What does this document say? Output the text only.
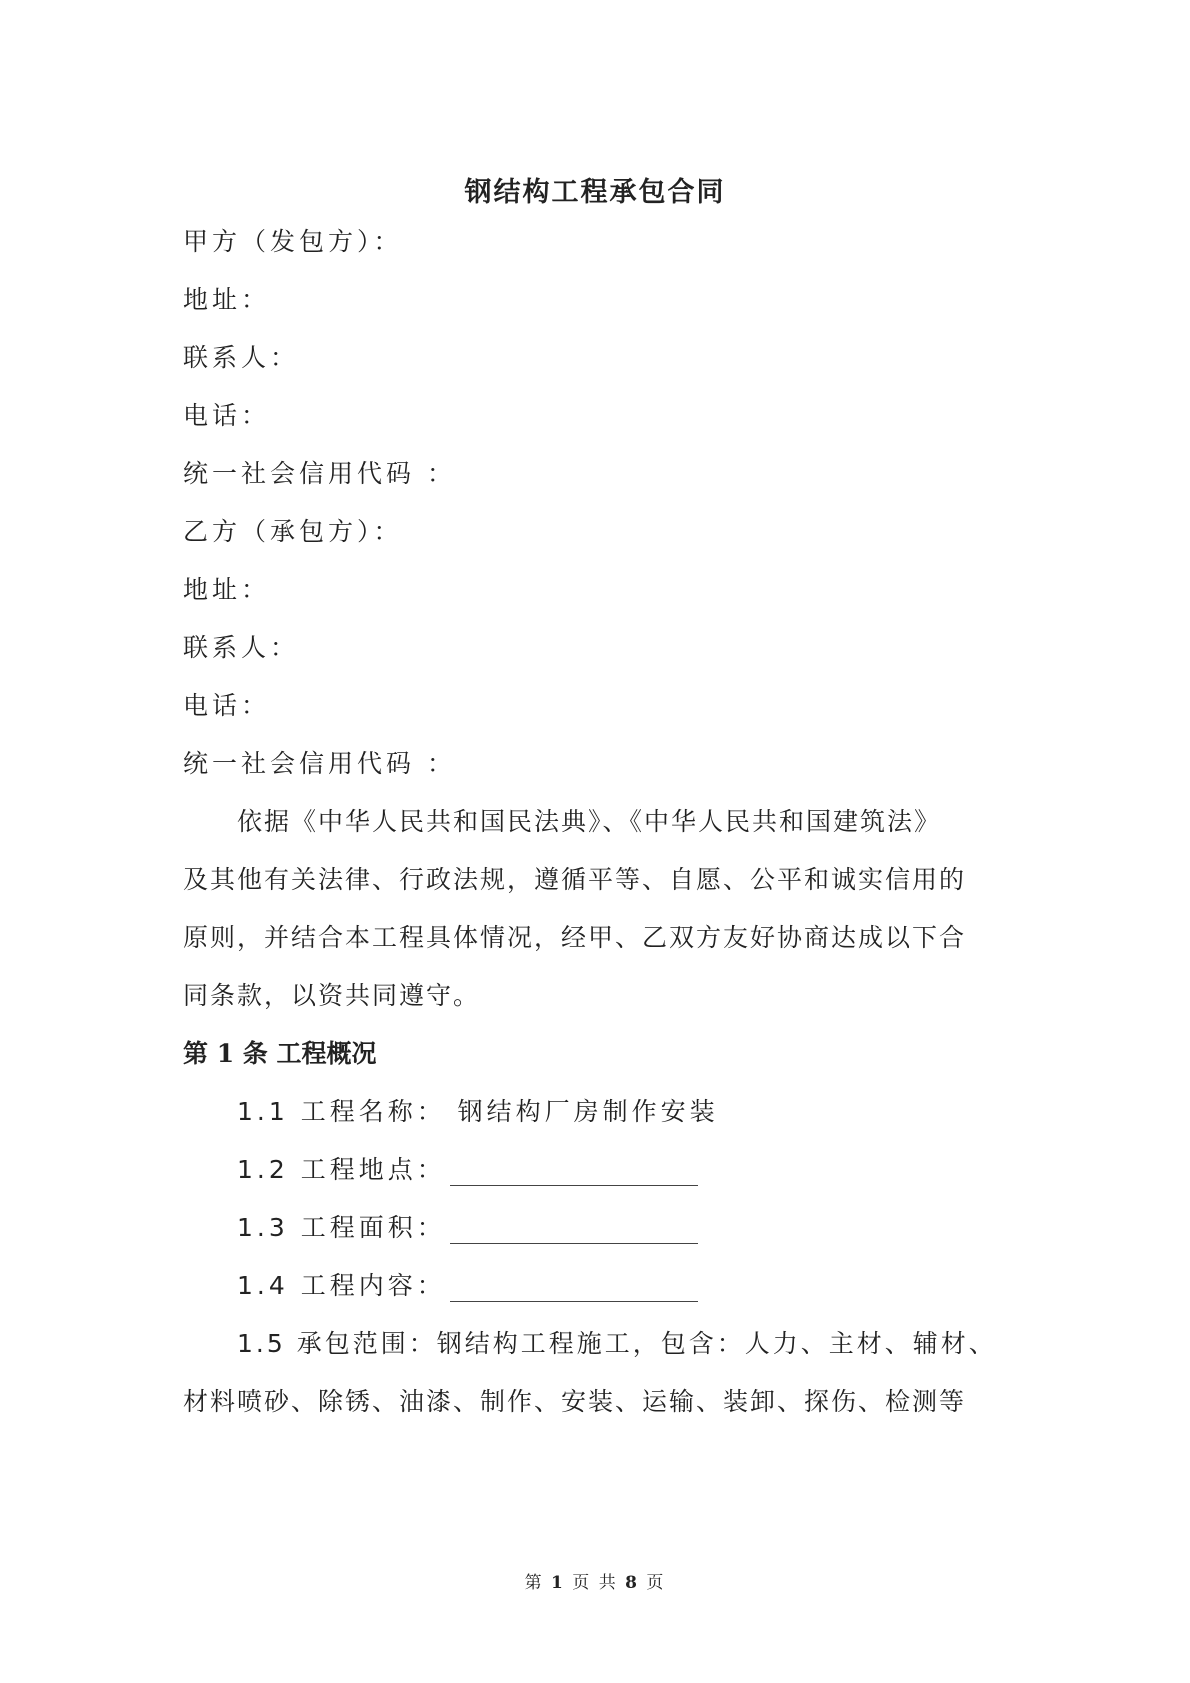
钢结构工程承包合同
甲方（发包方）：
地址：
联系人：
电话：
统一社会信用代码 ：
乙方（承包方）：
地址：
联系人：
电话：
统一社会信用代码 ：
依据《中华人民共和国民法典》、《中华人民共和国建筑法》
及其他有关法律、行政法规，遵循平等、自愿、公平和诚实信用的
原则，并结合本工程具体情况，经甲、乙双方友好协商达成以下合
同条款，以资共同遵守。
第 1 条 工程概况
1.1 工程名称： 钢结构厂房制作安装
1.2 工程地点：
1.3 工程面积：
1.4 工程内容：
1.5 承包范围：钢结构工程施工，包含：人力、主材、辅材、
材料喷砂、除锈、油漆、制作、安装、运输、装卸、探伤、检测等
第 1 页 共 8 页
